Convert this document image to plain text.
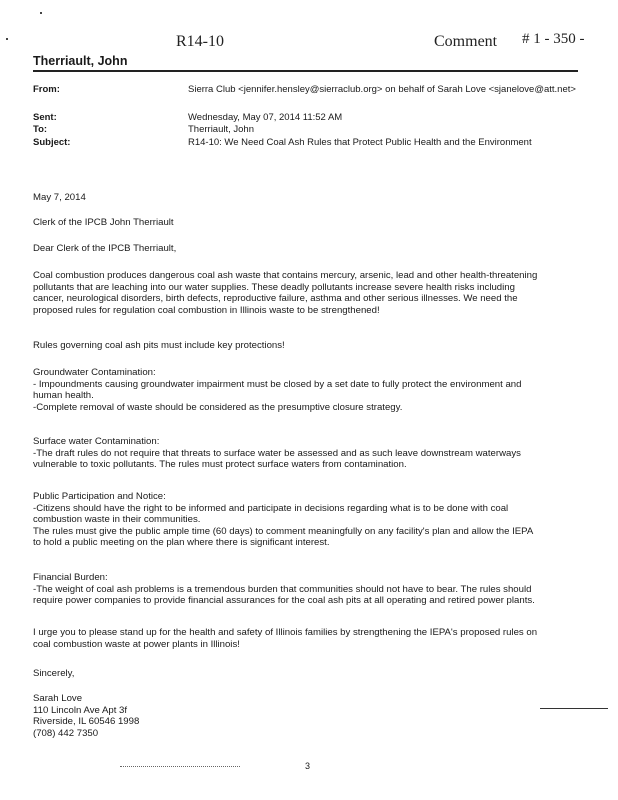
R14-10	Comment # 1 - 350 -
Therriault, John
From:	Sierra Club <jennifer.hensley@sierraclub.org> on behalf of Sarah Love <sjanelove@att.net>
Sent:	Wednesday, May 07, 2014 11:52 AM
To:	Therriault, John
Subject:	R14-10: We Need Coal Ash Rules that Protect Public Health and the Environment
May 7, 2014
Clerk of the IPCB John Therriault
Dear Clerk of the IPCB Therriault,

Coal combustion produces dangerous coal ash waste that contains mercury, arsenic, lead and other health-threatening
pollutants that are leaching into our water supplies. These deadly pollutants increase severe health risks including
cancer, neurological disorders, birth defects, reproductive failure, asthma and other serious illnesses. We need the
proposed rules for regulation coal combustion in Illinois waste to be strengthened!

Rules governing coal ash pits must include key protections!

Groundwater Contamination:
- Impoundments causing groundwater impairment must be closed by a set date to fully protect the environment and
human health.
-Complete removal of waste should be considered as the presumptive closure strategy.

Surface water Contamination:
-The draft rules do not require that threats to surface water be assessed and as such leave downstream waterways
vulnerable to toxic pollutants. The rules must protect surface waters from contamination.

Public Participation and Notice:
-Citizens should have the right to be informed and participate in decisions regarding what is to be done with coal
combustion waste in their communities.
The rules must give the public ample time (60 days) to comment meaningfully on any facility's plan and allow the IEPA
to hold a public meeting on the plan where there is significant interest.

Financial Burden:
-The weight of coal ash problems is a tremendous burden that communities should not have to bear. The rules should
require power companies to provide financial assurances for the coal ash pits at all operating and retired power plants.

I urge you to please stand up for the health and safety of Illinois families by strengthening the IEPA's proposed rules on
coal combustion waste at power plants in Illinois!

Sincerely,

Sarah Love
110 Lincoln Ave Apt 3f
Riverside, IL 60546 1998
(708) 442 7350

3
